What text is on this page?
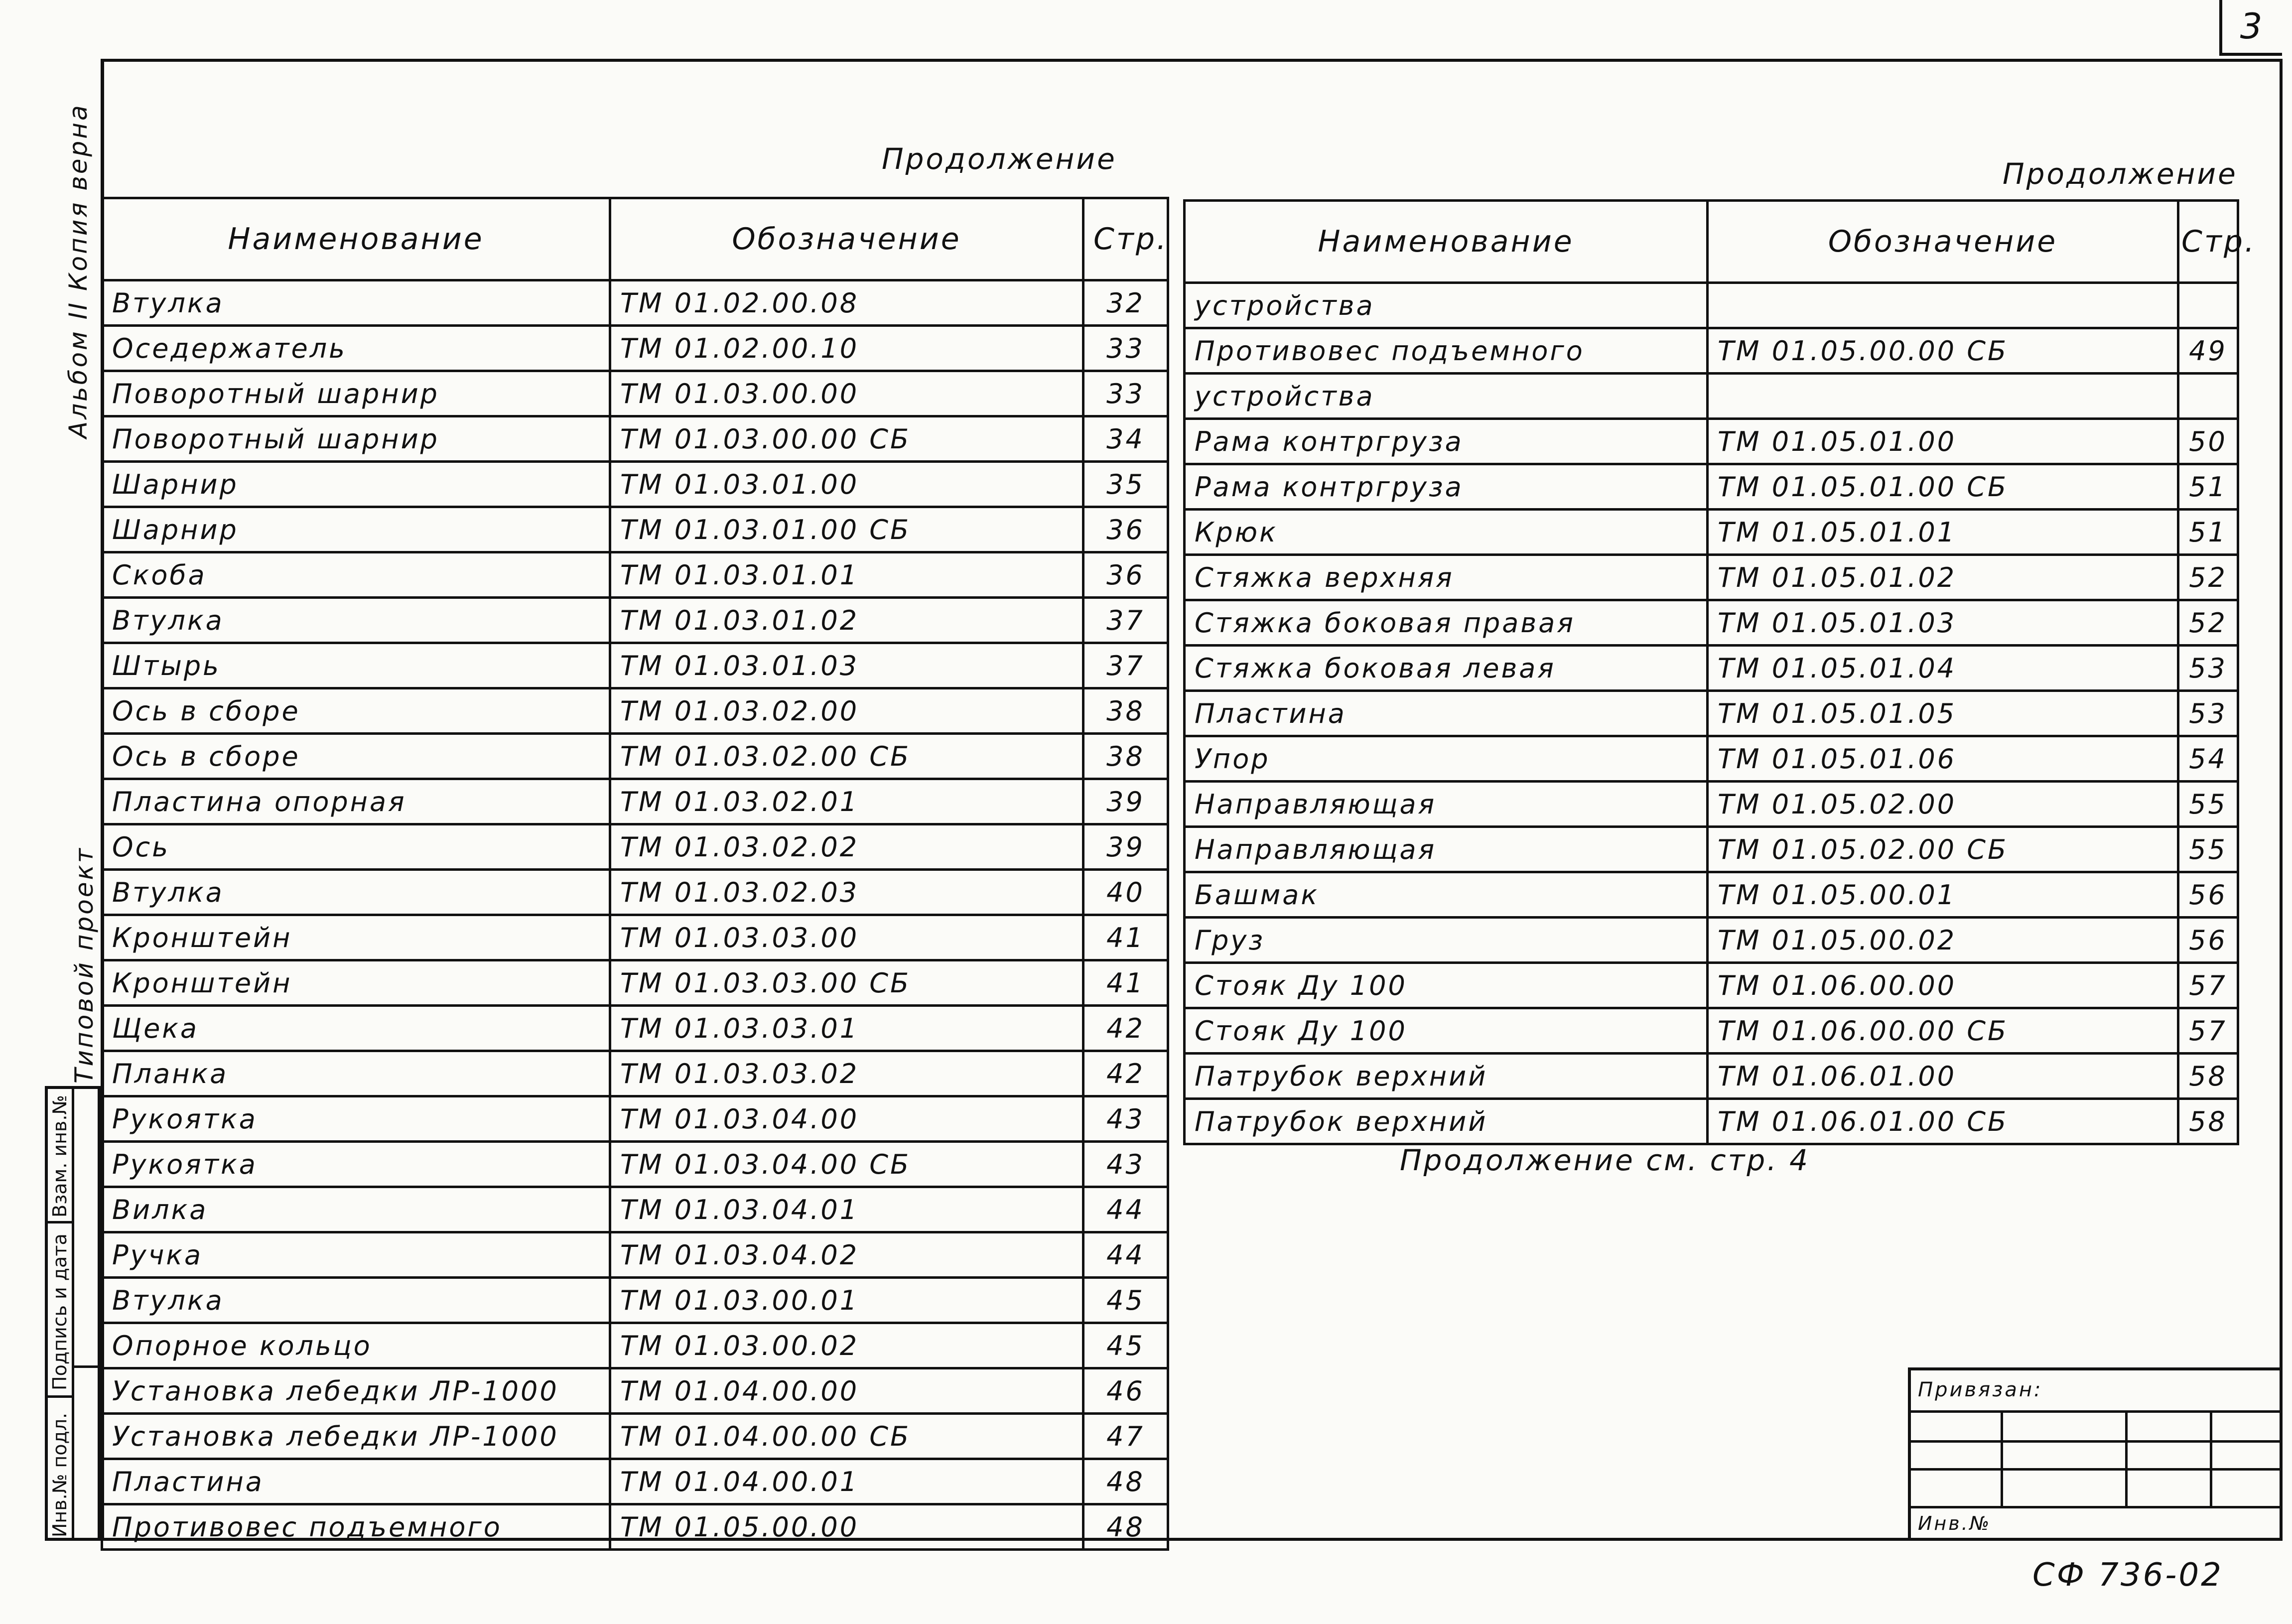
3
Альбом II Копия верна
Типовой проект
Инв.№ подл.
Подпись и дата
Взам. инв.№
Продолжение	Продолжение
Наименование	Обозначение	Стр.
Втулка	ТМ 01.02.00.08	32
Оседержатель	ТМ 01.02.00.10	33
Поворотный шарнир	ТМ 01.03.00.00	33
Поворотный шарнир	ТМ 01.03.00.00 СБ	34
Шарнир	ТМ 01.03.01.00	35
Шарнир	ТМ 01.03.01.00 СБ	36
Скоба	ТМ 01.03.01.01	36
Втулка	ТМ 01.03.01.02	37
Штырь	ТМ 01.03.01.03	37
Ось в сборе	ТМ 01.03.02.00	38
Ось в сборе	ТМ 01.03.02.00 СБ	38
Пластина опорная	ТМ 01.03.02.01	39
Ось	ТМ 01.03.02.02	39
Втулка	ТМ 01.03.02.03	40
Кронштейн	ТМ 01.03.03.00	41
Кронштейн	ТМ 01.03.03.00 СБ	41
Щека	ТМ 01.03.03.01	42
Планка	ТМ 01.03.03.02	42
Рукоятка	ТМ 01.03.04.00	43
Рукоятка	ТМ 01.03.04.00 СБ	43
Вилка	ТМ 01.03.04.01	44
Ручка	ТМ 01.03.04.02	44
Втулка	ТМ 01.03.00.01	45
Опорное кольцо	ТМ 01.03.00.02	45
Установка лебедки ЛР-1000	ТМ 01.04.00.00	46
Установка лебедки ЛР-1000	ТМ 01.04.00.00 СБ	47
Пластина	ТМ 01.04.00.01	48
Противовес подъемного	ТМ 01.05.00.00	48
Наименование	Обозначение	Стр.
устройства		
Противовес подъемного	ТМ 01.05.00.00 СБ	49
устройства		
Рама контргруза	ТМ 01.05.01.00	50
Рама контргруза	ТМ 01.05.01.00 СБ	51
Крюк	ТМ 01.05.01.01	51
Стяжка верхняя	ТМ 01.05.01.02	52
Стяжка боковая правая	ТМ 01.05.01.03	52
Стяжка боковая левая	ТМ 01.05.01.04	53
Пластина	ТМ 01.05.01.05	53
Упор	ТМ 01.05.01.06	54
Направляющая	ТМ 01.05.02.00	55
Направляющая	ТМ 01.05.02.00 СБ	55
Башмак	ТМ 01.05.00.01	56
Груз	ТМ 01.05.00.02	56
Стояк Ду 100	ТМ 01.06.00.00	57
Стояк Ду 100	ТМ 01.06.00.00 СБ	57
Патрубок верхний	ТМ 01.06.01.00	58
Патрубок верхний	ТМ 01.06.01.00 СБ	58
Продолжение см. стр. 4
Привязан:
Инв.№
СФ 736-02
